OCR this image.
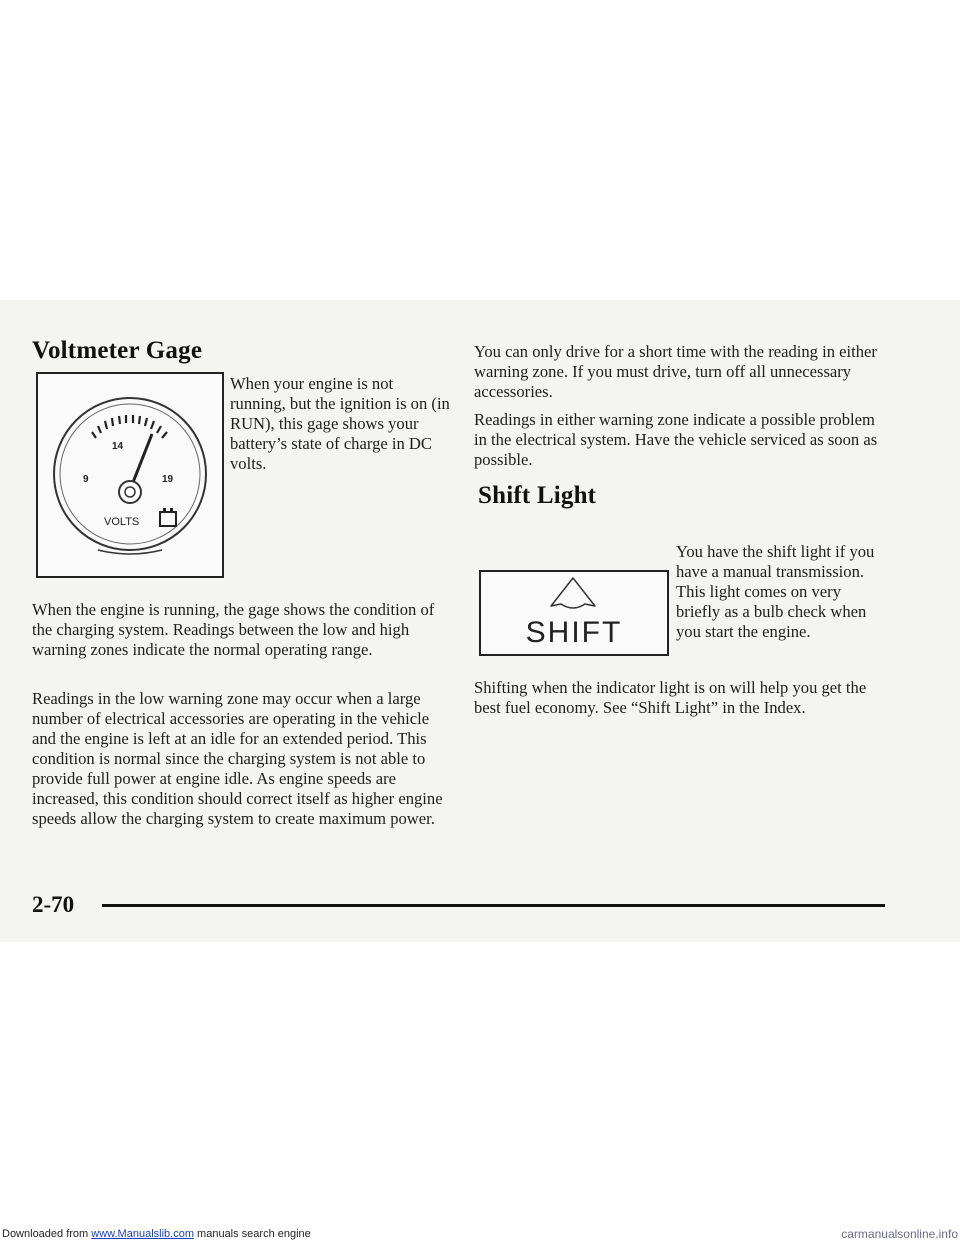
Voltmeter Gage
9
14
19
VOLTS

When your engine is not running, but the ignition is on (in RUN), this gage shows your battery’s state of charge in DC volts.

When the engine is running, the gage shows the condition of the charging system. Readings between the low and high warning zones indicate the normal operating range.

Readings in the low warning zone may occur when a large number of electrical accessories are operating in the vehicle and the engine is left at an idle for an extended period. This condition is normal since the charging system is not able to provide full power at engine idle. As engine speeds are increased, this condition should correct itself as higher engine speeds allow the charging system to create maximum power.

You can only drive for a short time with the reading in either warning zone. If you must drive, turn off all unnecessary accessories.

Readings in either warning zone indicate a possible problem in the electrical system. Have the vehicle serviced as soon as possible.

Shift Light
SHIFT

You have the shift light if you have a manual transmission. This light comes on very briefly as a bulb check when you start the engine.

Shifting when the indicator light is on will help you get the best fuel economy. See “Shift Light” in the Index.

2-70
Downloaded from www.Manualslib.com manuals search engine	carmanualsonline.info
